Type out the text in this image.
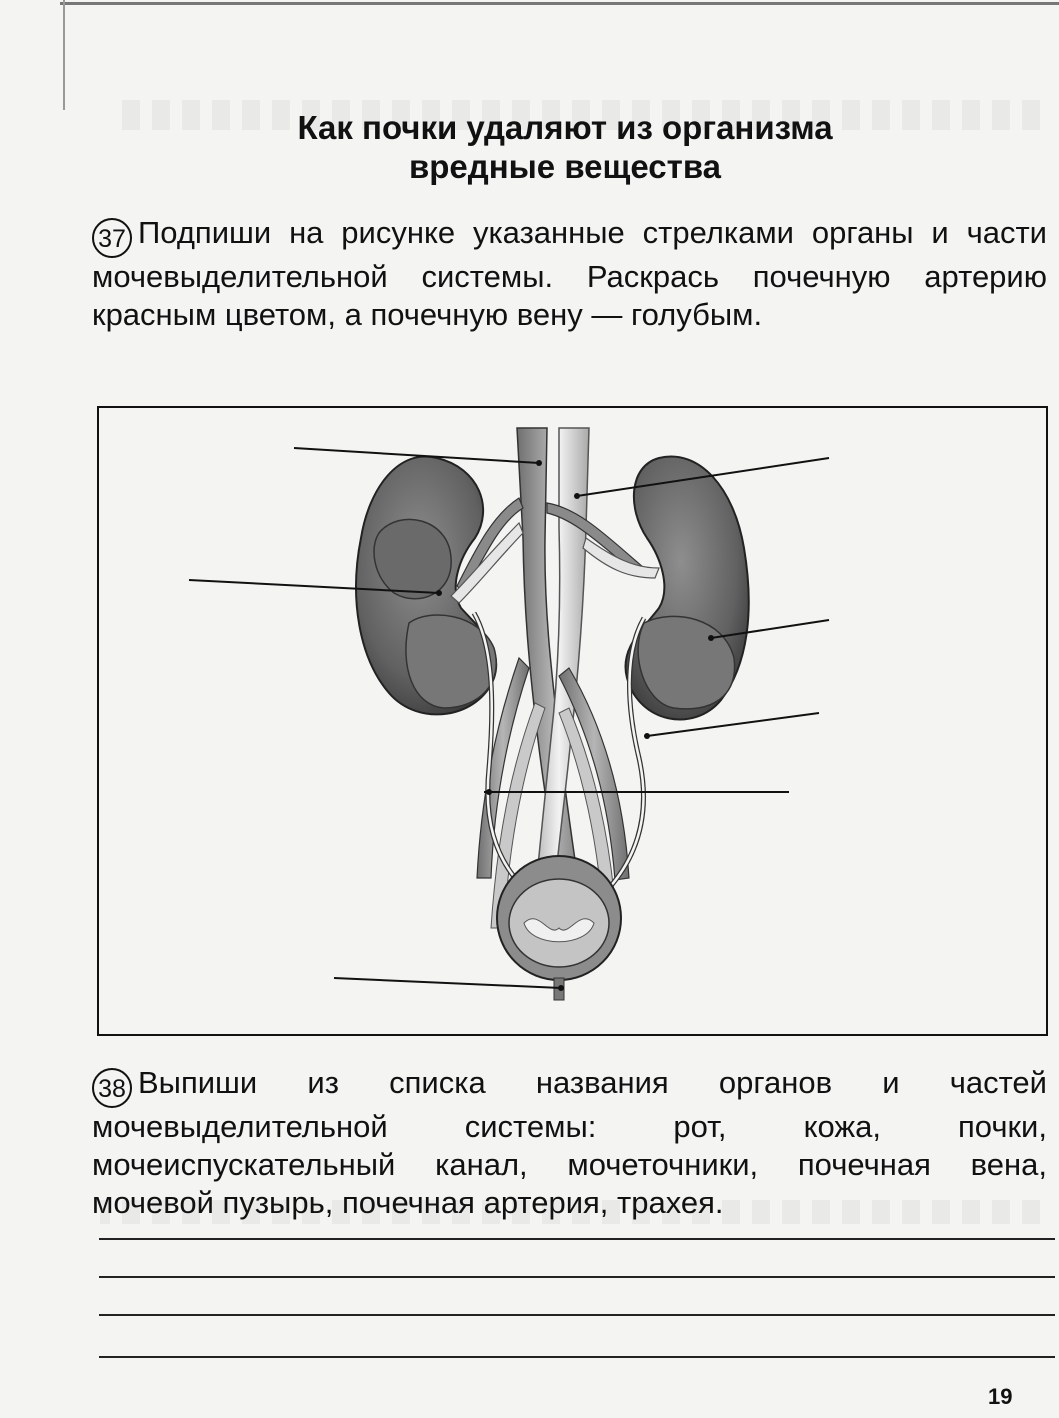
Как почки удаляют из организма
вредные вещества
37 Подпиши на рисунке указанные стрелками органы и части мочевыделительной системы. Раскрась почечную артерию красным цветом, а почечную вену — голубым.
38 Выпиши из списка названия органов и частей мочевыделительной системы: рот, кожа, почки, мочеиспускательный канал, мочеточники, почечная вена, мочевой пузырь, почечная артерия, трахея.
19
